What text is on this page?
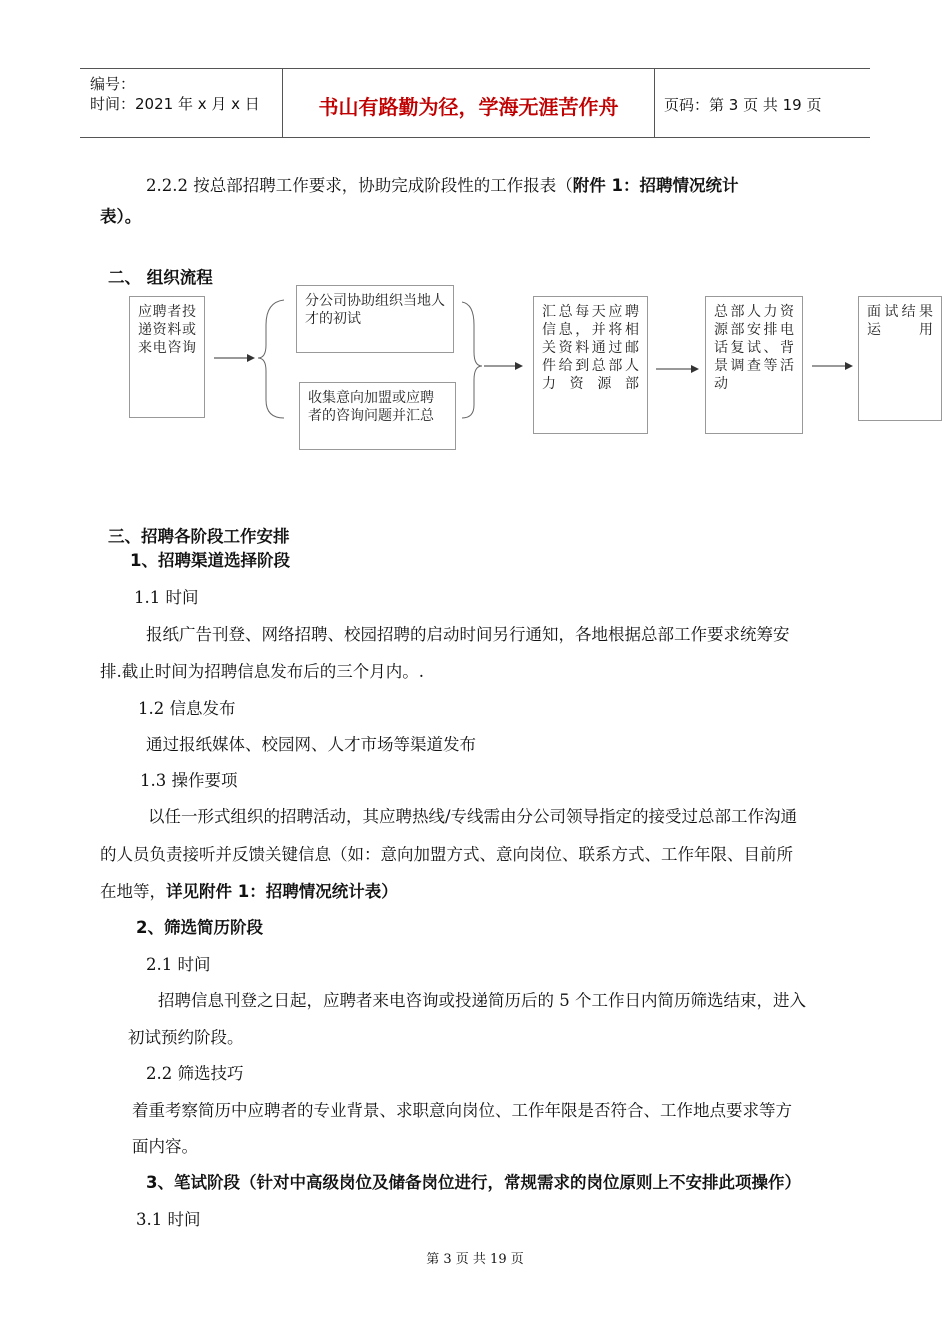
编号：
时间：2021 年 x 月 x 日	书山有路勤为径，学海无涯苦作舟	页码：第 3 页 共 19 页
2.2.2 按总部招聘工作要求，协助完成阶段性的工作报表（附件 1：招聘情况统计
表）。
二、 组织流程
应聘者投递资料或来电咨询
分公司协助组织当地人才的初试
收集意向加盟或应聘者的咨询问题并汇总
汇总每天应聘信息，并将相关资料通过邮件给到总部人力资源部
总部人力资源部安排电话复试、背景调查等活动
面试结果运用
三、招聘各阶段工作安排
1、招聘渠道选择阶段
1.1 时间
报纸广告刊登、网络招聘、校园招聘的启动时间另行通知，各地根据总部工作要求统筹安
排.截止时间为招聘信息发布后的三个月内。.
1.2 信息发布
通过报纸媒体、校园网、人才市场等渠道发布
1.3 操作要项
以任一形式组织的招聘活动，其应聘热线/专线需由分公司领导指定的接受过总部工作沟通
的人员负责接听并反馈关键信息（如：意向加盟方式、意向岗位、联系方式、工作年限、目前所
在地等，详见附件 1：招聘情况统计表）
2、筛选简历阶段
2.1 时间
招聘信息刊登之日起，应聘者来电咨询或投递简历后的 5 个工作日内简历筛选结束，进入
初试预约阶段。
2.2 筛选技巧
着重考察简历中应聘者的专业背景、求职意向岗位、工作年限是否符合、工作地点要求等方
面内容。
3、笔试阶段（针对中高级岗位及储备岗位进行，常规需求的岗位原则上不安排此项操作）
3.1 时间
第 3 页 共 19 页
